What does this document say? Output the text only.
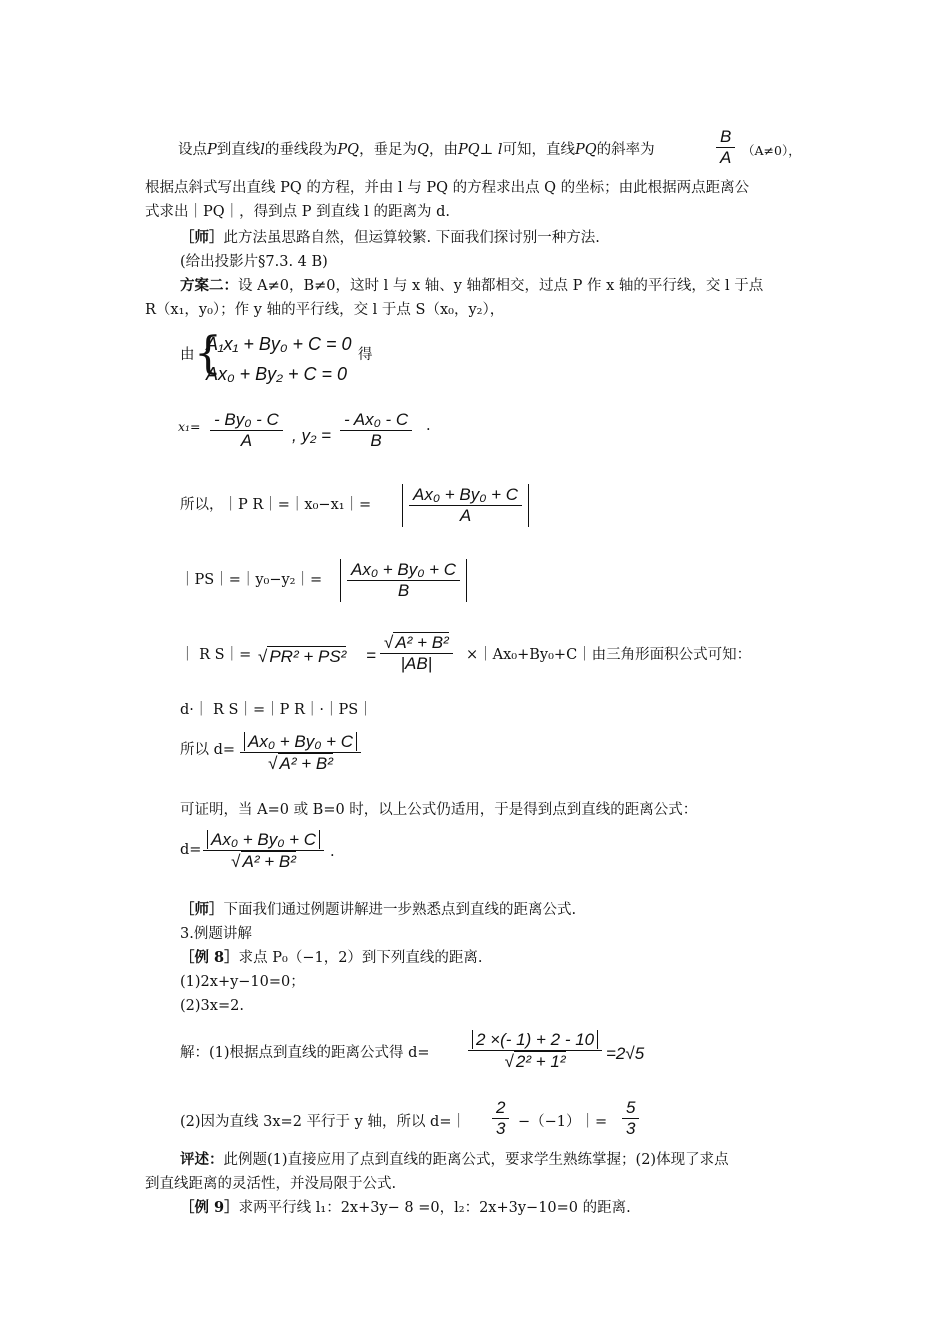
设点P到直线l的垂线段为PQ，垂足为Q，由PQ⊥ l可知，直线PQ的斜率为	$\frac{B}{A} (A\ne 0)$，
根据点斜式写出直线 PQ 的方程，并由 l 与 PQ 的方程求出点 Q 的坐标；由此根据两点距离公
式求出｜PQ｜，得到点 P 到直线 l 的距离为 d.
［师］此方法虽思路自然，但运算较繁. 下面我们探讨别一种方法.
(给出投影片§7.3. 4 B)
方案二：设 A≠0，B≠0，这时 l 与 x 轴、y 轴都相交，过点 P 作 x 轴的平行线，交 l 于点
R（x₁，y₀）；作 y 轴的平行线，交 l 于点 S（x₀，y₂），
由 {
A₁x₁ + By₀ + C = 0
Ax₀ + By₂ + C = 0
得
$x_1= \frac{\text{- By₀ - C}}{A}$ , $y_2 = \frac{\text{- Ax₀ - C}}{B}$ .
所以，｜P R｜=｜x₀−x₁｜= $\frac{\text{Ax₀ + By₀ + C}}{A}$
｜PS｜=｜y₀−y₂｜= $\frac{\text{Ax₀ + By₀ + C}}{B}$
｜ R S｜= √ $PR^2 + PS^2 = \frac{\text{√ A² + B²}}{|AB|}$ ×｜Ax₀+By₀+C｜由三角形面积公式可知：
d·｜ R S｜=｜P R｜·｜PS｜
所以 $d= \frac{\text{Ax₀ + By₀ + C}}{\text{√ A² + B²}}$
可证明，当 A=0 或 B=0 时，以上公式仍适用，于是得到点到直线的距离公式：
$d= \frac{\text{Ax₀ + By₀ + C}}{\text{√ A² + B²}}$ .
［师］下面我们通过例题讲解进一步熟悉点到直线的距离公式.
3.例题讲解
［例 8］求点 P₀（−1，2）到下列直线的距离.
(1)2x+y−10=0；
(2)3x=2.
解：(1)根据点到直线的距离公式得 $d= \frac{2 \times(- 1) + 2 - 10}{\text{√ 2² + 1²}} =2√5$
(2)因为直线 3x=2 平行于 y 轴，所以 d=｜ $\frac{2}{3}$ −（−1）｜= $\frac{5}{3}$
评述：此例题(1)直接应用了点到直线的距离公式，要求学生熟练掌握；(2)体现了求点
到直线距离的灵活性，并没局限于公式.
［例 9］求两平行线 l₁：2x+3y− 8 =0，l₂：2x+3y−10=0 的距离.
